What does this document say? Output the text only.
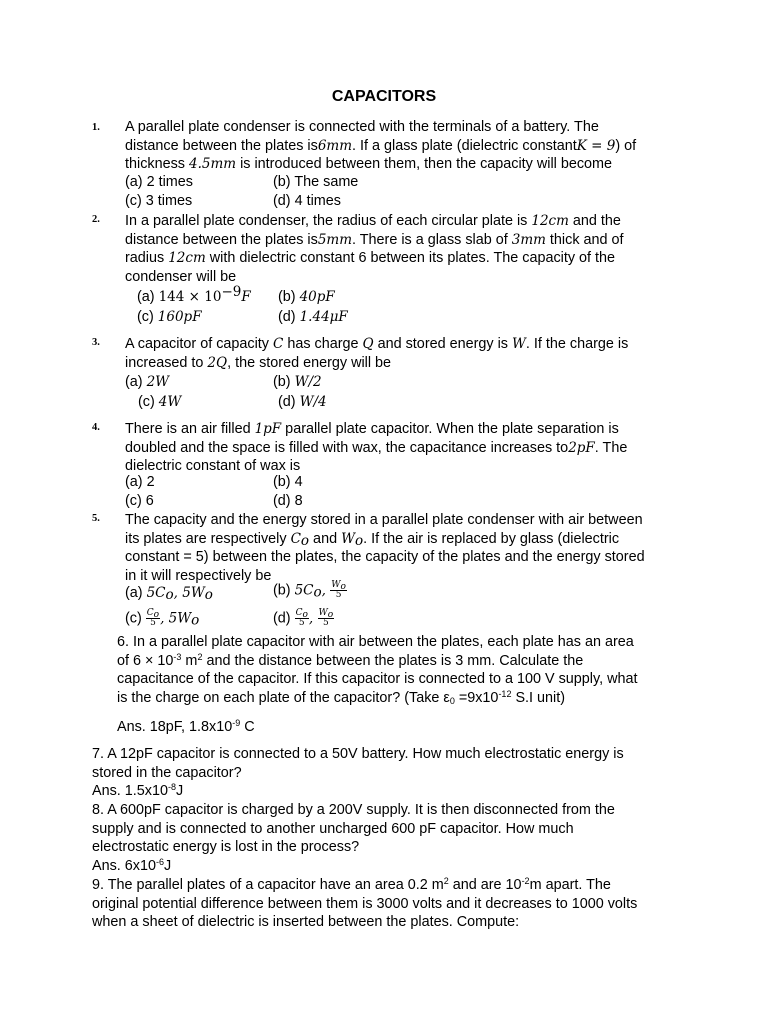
CAPACITORS
1. A parallel plate condenser is connected with the terminals of a battery. The
distance between the plates is6mm. If a glass plate (dielectric constantK = 9) of
thickness 4.5mm is introduced between them, then the capacity will become
(a) 2 times	(b) The same
(c) 3 times	(d) 4 times
2. In a parallel plate condenser, the radius of each circular plate is 12cm and the
distance between the plates is5mm. There is a glass slab of 3mm thick and of
radius 12cm with dielectric constant 6 between its plates. The capacity of the
condenser will be
(a) $144 \times 10^{-9}F$ (b) 40pF
(c) 160pF	(d) 1.44μF
3. A capacitor of capacity C has charge Q and stored energy is W. If the charge is
increased to 2Q, the stored energy will be
(a) 2W	(b) W/2
(c) 4W	(d) W/4
4. There is an air filled 1pF parallel plate capacitor. When the plate separation is
doubled and the space is filled with wax, the capacitance increases to2pF. The
dielectric constant of wax is
(a) 2	(b) 4
(c) 6	(d) 8
5. The capacity and the energy stored in a parallel plate condenser with air between
its plates are respectively $C_o$ and $W_o$. If the air is replaced by glass (dielectric
constant = 5) between the plates, the capacity of the plates and the energy stored
in it will respectively be
(a) $5C_o$, $5W_o$	(b) $5C_o$, $\frac{W_o}{5}$
$(c) \frac{C_o}{5}$ , $5W_o$	$(d) \frac{C_o}{5}$ , $\frac{W_o}{5}$
6. In a parallel plate capacitor with air between the plates, each plate has an area
of $6 \times 10^{-3}$ $m^2$ and the distance between the plates is 3 mm. Calculate the
capacitance of the capacitor. If this capacitor is connected to a 100 V supply, what
is the charge on each plate of the capacitor? (Take $\varepsilon_0 =9x10^{-12}$ S.I unit)
Ans. 18pF, $1.8x10^{-9}$ C
7. A 12pF capacitor is connected to a 50V battery. How much electrostatic energy is
stored in the capacitor?
Ans. $1.5x10^{-8}J$
8. A 600pF capacitor is charged by a 200V supply. It is then disconnected from the
supply and is connected to another uncharged 600 pF capacitor. How much
electrostatic energy is lost in the process?
Ans. $6x10^{-6}J$
9. The parallel plates of a capacitor have an area 0.2 $m^2$ and are $10^{-2}m$ apart. The
original potential difference between them is 3000 volts and it decreases to 1000 volts
when a sheet of dielectric is inserted between the plates. Compute:
